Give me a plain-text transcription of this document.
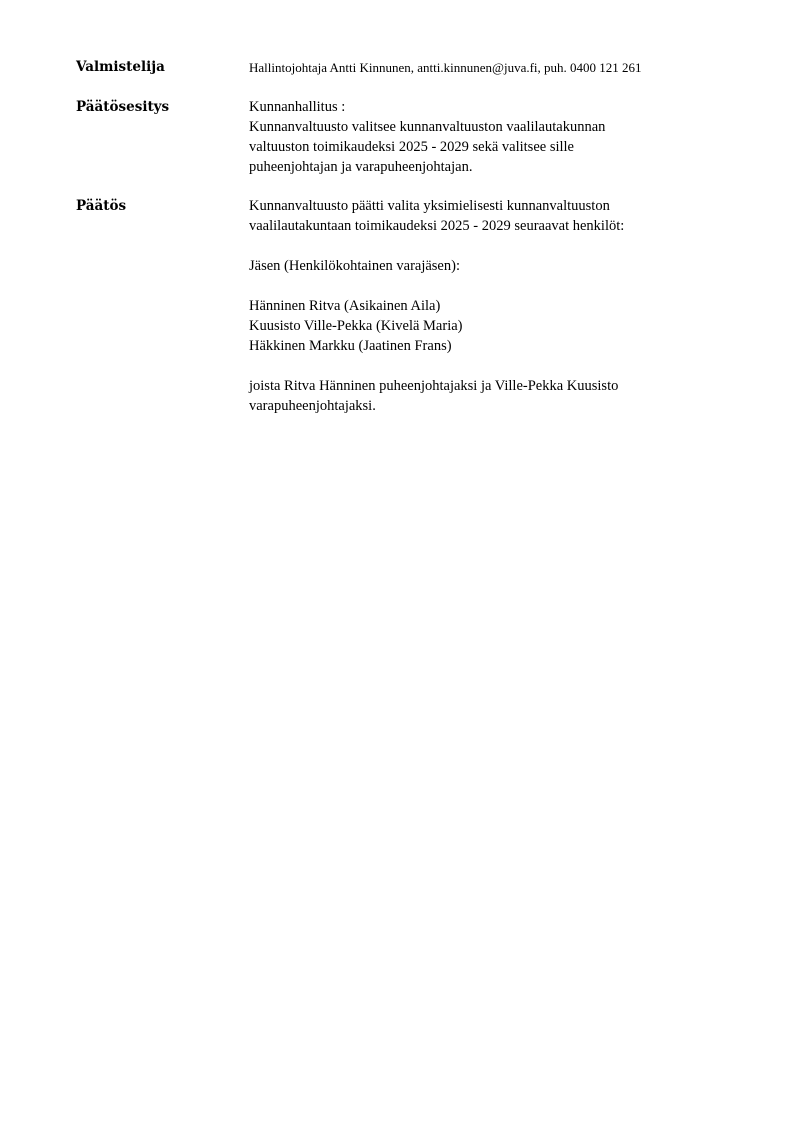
Valmistelija	Hallintojohtaja Antti Kinnunen, antti.kinnunen@juva.fi, puh. 0400 121 261
Päätösesitys	Kunnanhallitus :
Kunnanvaltuusto valitsee kunnanvaltuuston vaalilautakunnan
valtuuston toimikaudeksi 2025 - 2029 sekä valitsee sille
puheenjohtajan ja varapuheenjohtajan.
Päätös	Kunnanvaltuusto päätti valita yksimielisesti kunnanvaltuuston
vaalilautakuntaan toimikaudeksi 2025 - 2029 seuraavat henkilöt:
Jäsen (Henkilökohtainen varajäsen):
Hänninen Ritva (Asikainen Aila)
Kuusisto Ville-Pekka (Kivelä Maria)
Häkkinen Markku (Jaatinen Frans)
joista Ritva Hänninen puheenjohtajaksi ja Ville-Pekka Kuusisto
varapuheenjohtajaksi.
